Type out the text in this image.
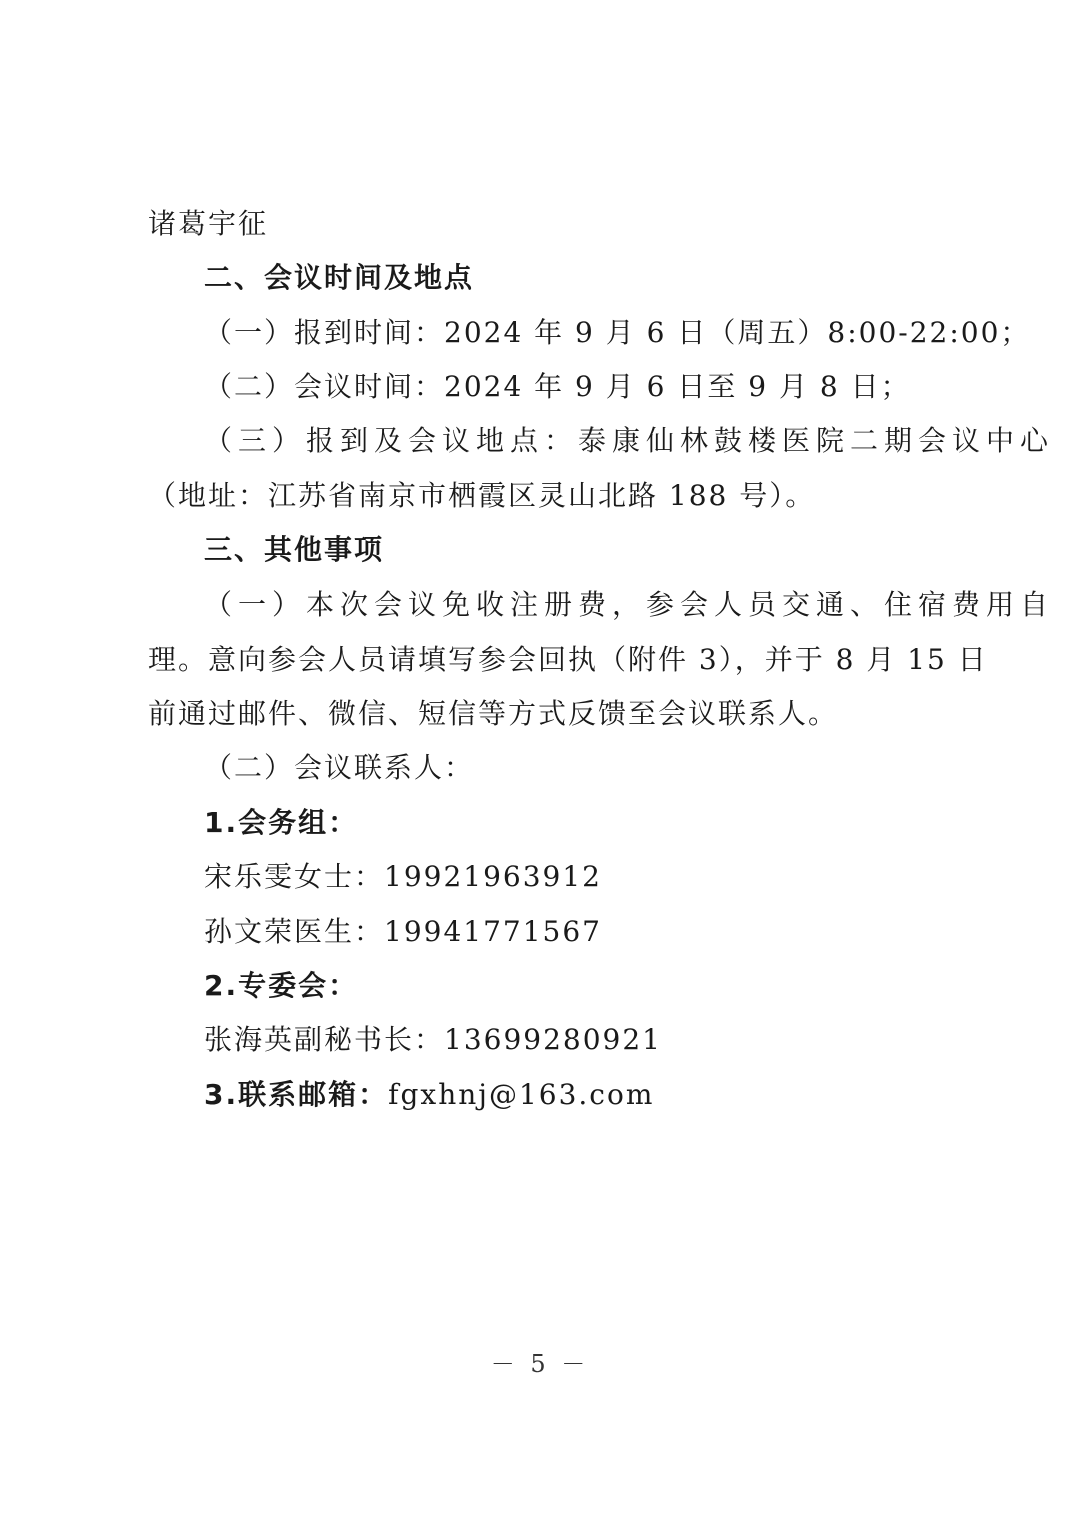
诸葛宇征
二、会议时间及地点
（一）报到时间：2024 年 9 月 6 日（周五）8:00-22:00；
（二）会议时间：2024 年 9 月 6 日至 9 月 8 日；
（三）报到及会议地点：泰康仙林鼓楼医院二期会议中心
（地址：江苏省南京市栖霞区灵山北路 188 号）。
三、其他事项
（一）本次会议免收注册费，参会人员交通、住宿费用自
理。意向参会人员请填写参会回执（附件 3），并于 8 月 15 日
前通过邮件、微信、短信等方式反馈至会议联系人。
（二）会议联系人：
1.会务组：
宋乐雯女士：19921963912
孙文荣医生：19941771567
2.专委会：
张海英副秘书长：13699280921
3.联系邮箱：fgxhnj@163.com
－ 5 －
